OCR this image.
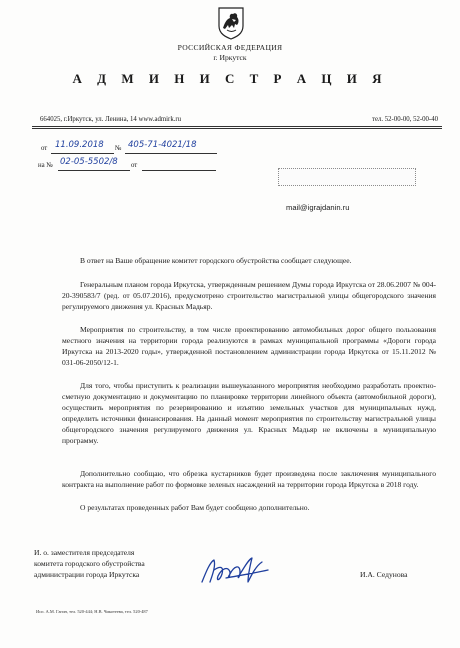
РОССИЙСКАЯ ФЕДЕРАЦИЯ
г. Иркутск
А Д М И Н И С Т Р А Ц И Я
664025, г.Иркутск, ул. Ленина, 14 www.admirk.ru	тел. 52-00-00, 52-00-40
от 11.09.2018 № 405-71-4021/18
на № 02-05-5502/8 от
mail@igrajdanin.ru

В ответ на Ваше обращение комитет городского обустройства сообщает следующее.

Генеральным планом города Иркутска, утвержденным решением Думы города Иркутска от 28.06.2007 № 004-20-390583/7 (ред. от 05.07.2016), предусмотрено строительство магистральной улицы общегородского значения регулируемого движения ул. Красных Мадьяр.

Мероприятия по строительству, в том числе проектированию автомобильных дорог общего пользования местного значения на территории города реализуются в рамках муниципальной программы «Дороги города Иркутска на 2013-2020 годы», утвержденной постановлением администрации города Иркутска от 15.11.2012 № 031-06-2050/12-1.

Для того, чтобы приступить к реализации вышеуказанного мероприятия необходимо разработать проектно-сметную документацию и документацию по планировке территории линейного объекта (автомобильной дороги), осуществить мероприятия по резервированию и изъятию земельных участков для муниципальных нужд, определить источники финансирования. На данный момент мероприятия по строительству магистральной улицы общегородского значения регулируемого движения ул. Красных Мадьяр не включены в муниципальную программу.

Дополнительно сообщаю, что обрезка кустарников будет произведена после заключения муниципального контракта на выполнение работ по формовке зеленых насаждений на территории города Иркутска в 2018 году.

О результатах проведенных работ Вам будет сообщено дополнительно.

И. о. заместителя председателя
комитета городского обустройства
администрации города Иркутска	И.А. Седунова
Исп. А.М. Гагин, тел. 520-444; Н.В. Чикотеева, тел. 520-487
